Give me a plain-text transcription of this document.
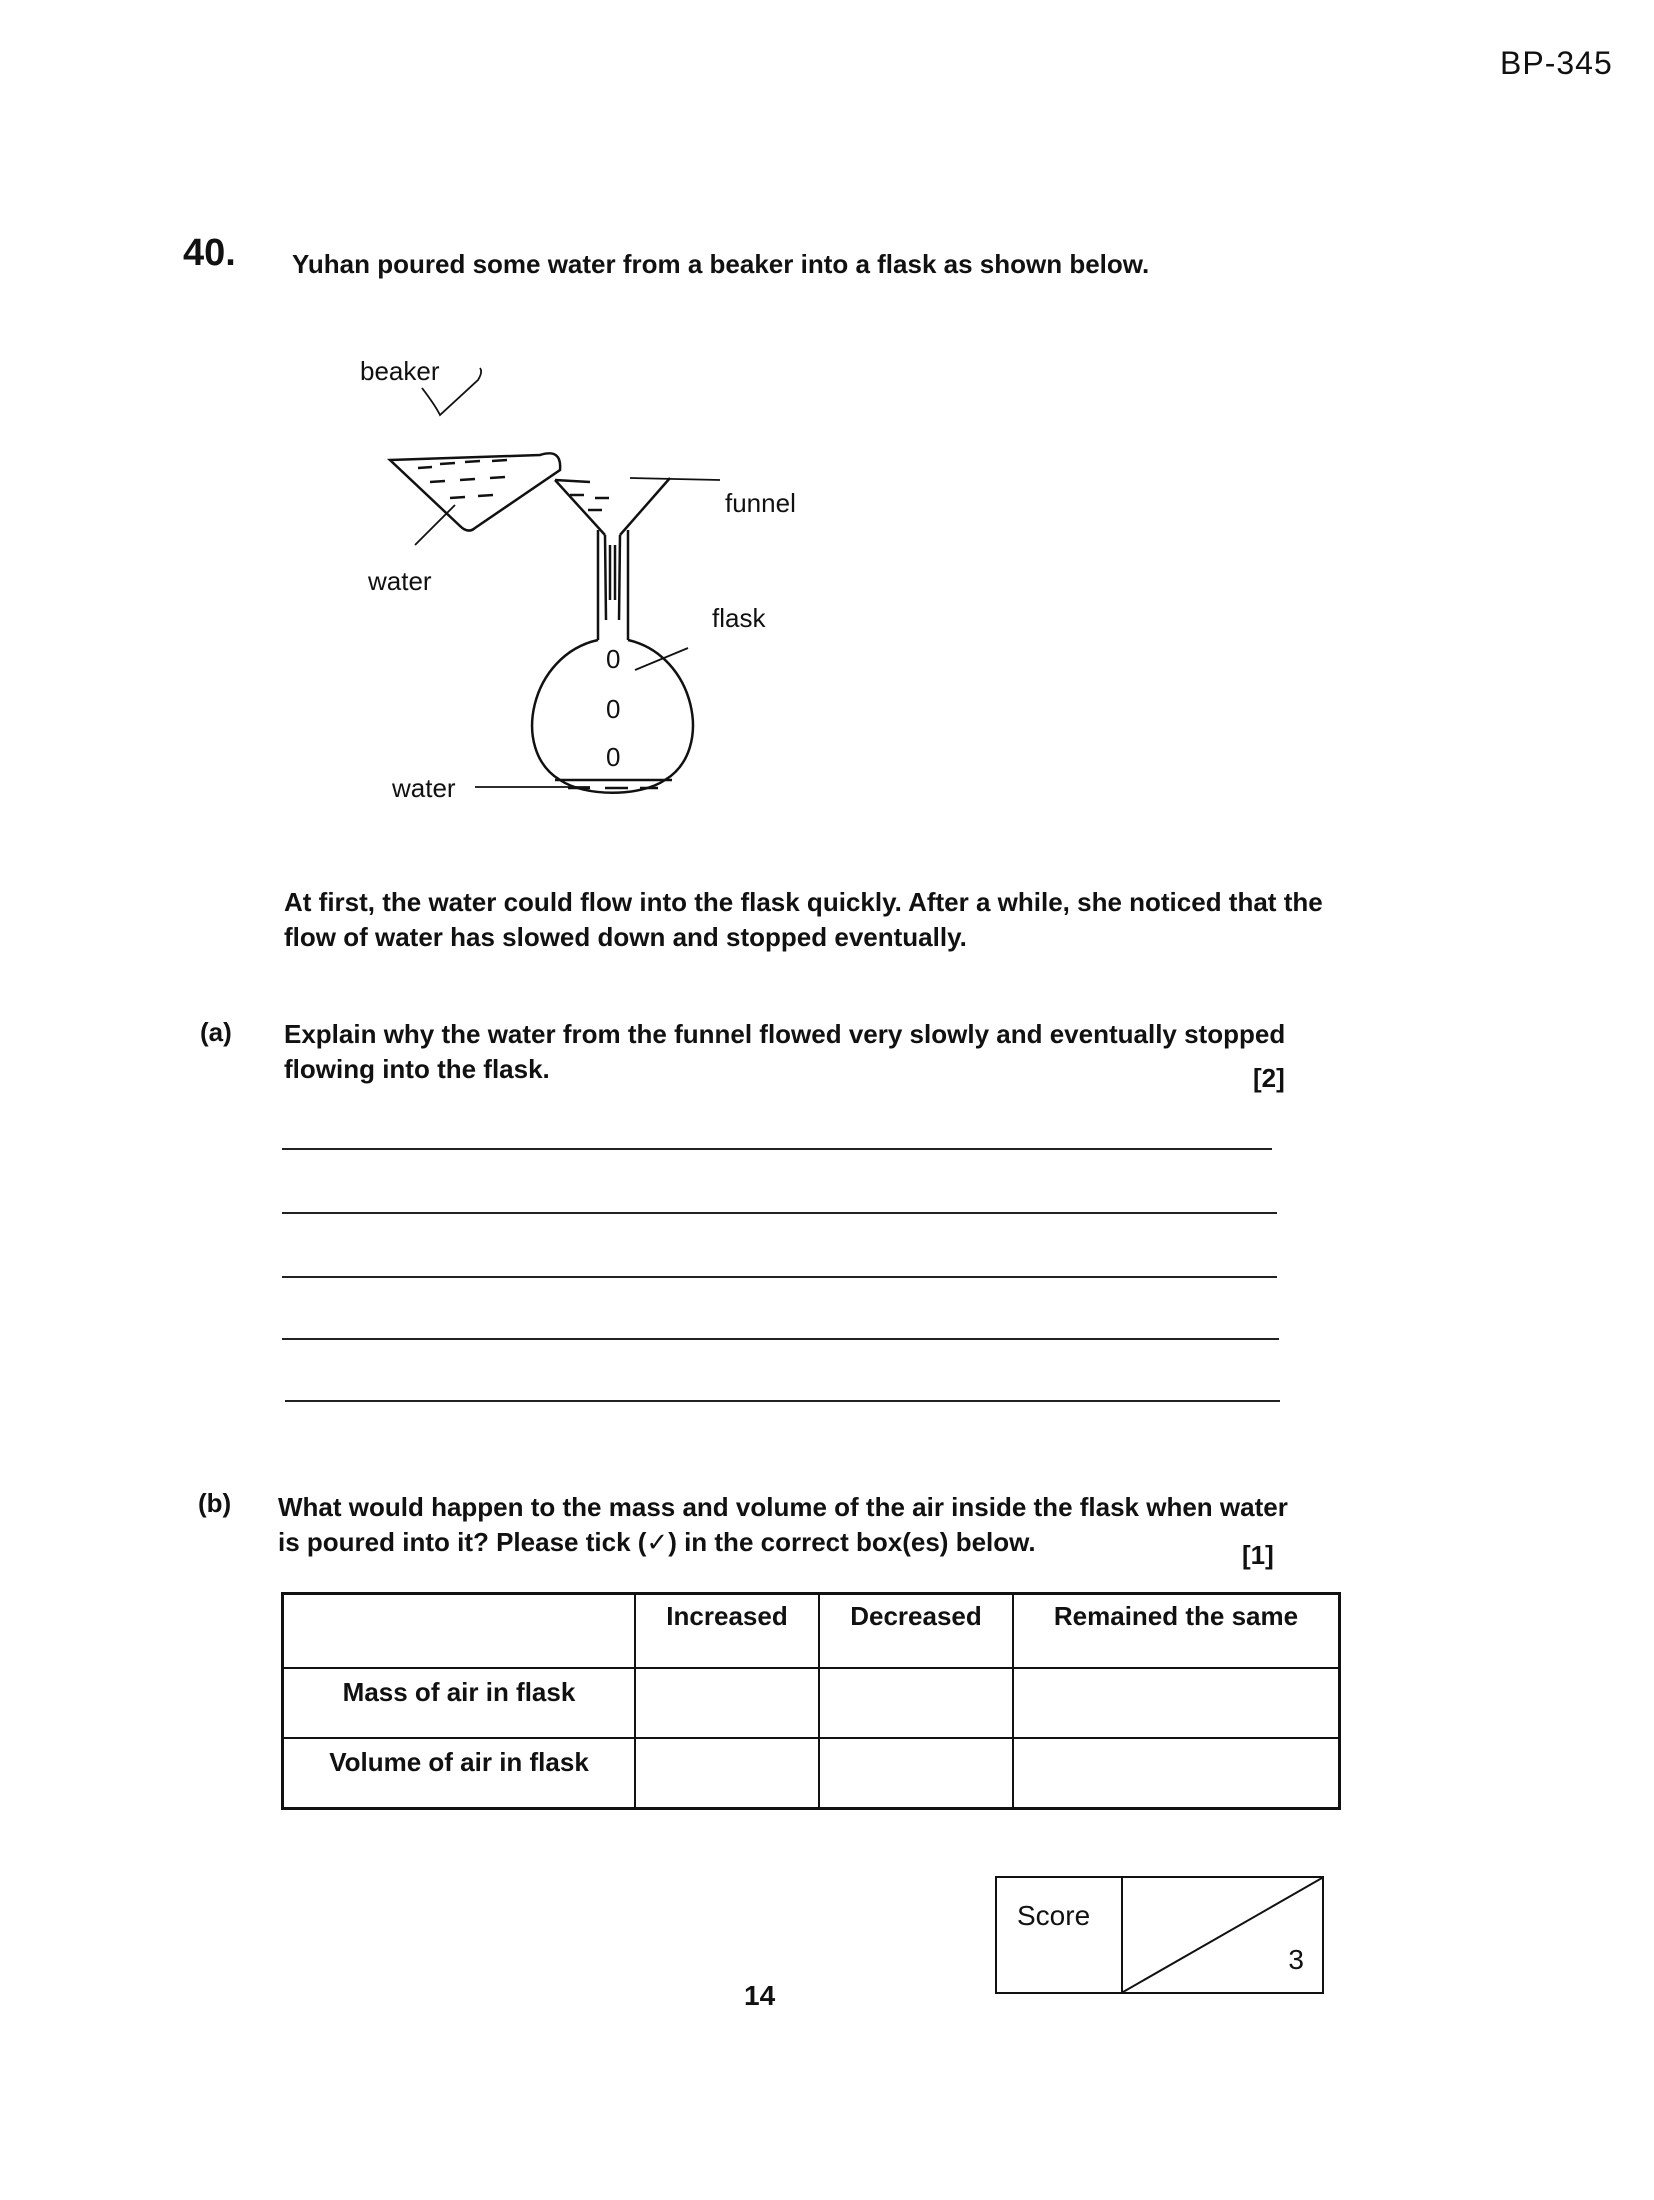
BP-345
40. Yuhan poured some water from a beaker into a flask as shown below.
0
0
0
beaker
water
funnel
flask
water
At first, the water could flow into the flask quickly. After a while, she noticed that the
flow of water has slowed down and stopped eventually.
(a) Explain why the water from the funnel flowed very slowly and eventually stopped
flowing into the flask.	[2]
(b) What would happen to the mass and volume of the air inside the flask when water
is poured into it? Please tick (✓) in the correct box(es) below.	[1]
	Increased	Decreased	Remained the same
Mass of air in flask			
Volume of air in flask			
Score
3
14
